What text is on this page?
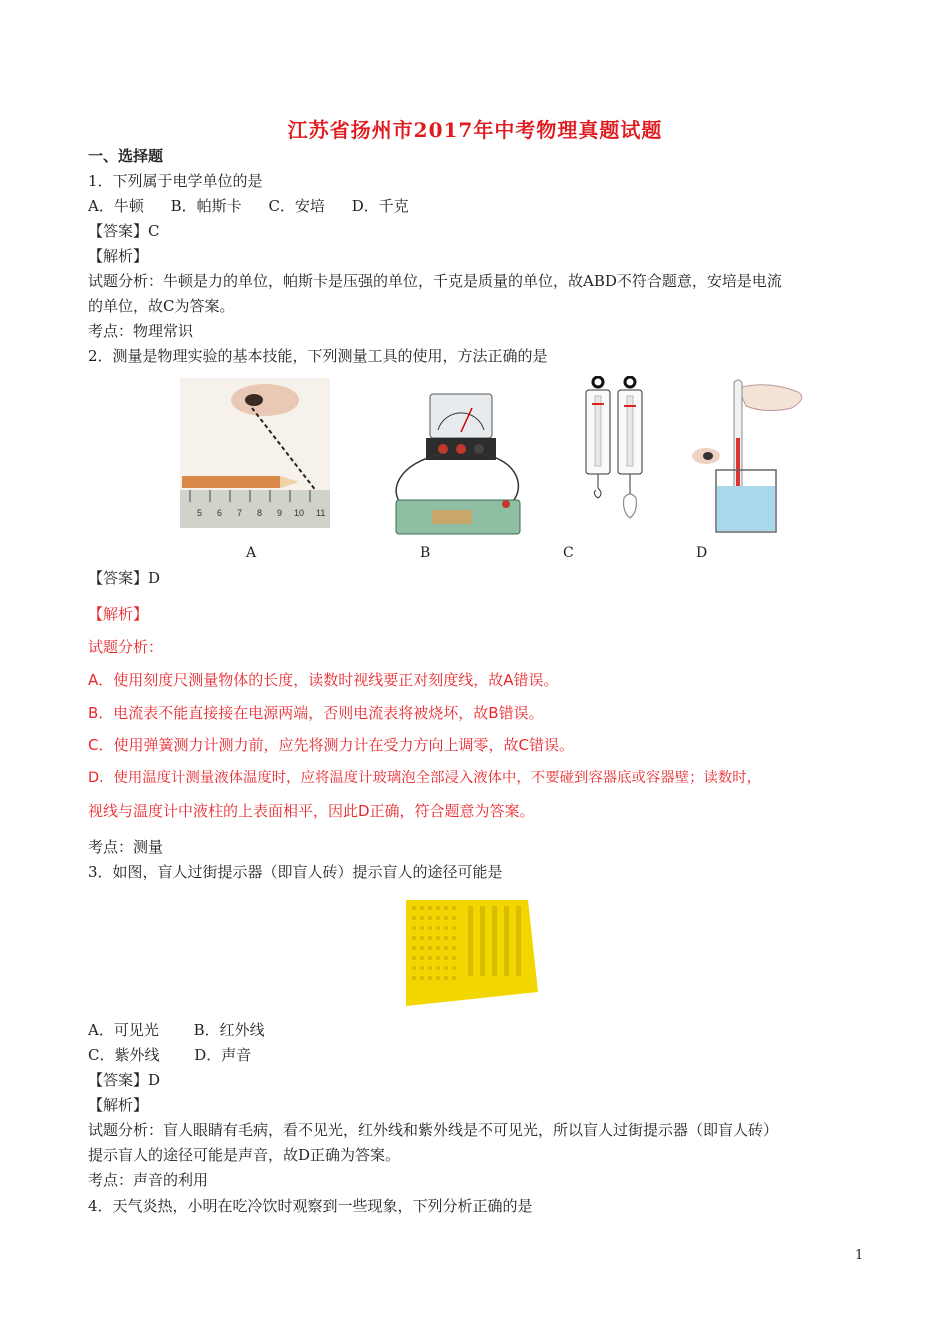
江苏省扬州市2017年中考物理真题试题
一、选择题
1．下列属于电学单位的是
A．牛顿 B．帕斯卡 C．安培 D．千克
【答案】C
【解析】
试题分析：牛顿是力的单位，帕斯卡是压强的单位，千克是质量的单位，故ABD不符合题意，安培是电流
的单位，故C为答案。
考点：物理常识
2．测量是物理实验的基本技能，下列测量工具的使用，方法正确的是
5 6 7 8 9 10 11
A	B	C	D
【答案】D
【解析】
试题分析：
A．使用刻度尺测量物体的长度，读数时视线要正对刻度线，故A错误。
B．电流表不能直接接在电源两端，否则电流表将被烧坏，故B错误。
C．使用弹簧测力计测力前，应先将测力计在受力方向上调零，故C错误。
D．使用温度计测量液体温度时，应将温度计玻璃泡全部浸入液体中，不要碰到容器底或容器壁；读数时，
视线与温度计中液柱的上表面相平，因此D正确，符合题意为答案。
考点：测量
3．如图，盲人过街提示器（即盲人砖）提示盲人的途径可能是
A．可见光 B．红外线
C．紫外线 D．声音
【答案】D
【解析】
试题分析：盲人眼睛有毛病，看不见光，红外线和紫外线是不可见光，所以盲人过街提示器（即盲人砖）
提示盲人的途径可能是声音，故D正确为答案。
考点：声音的利用
4．天气炎热，小明在吃冷饮时观察到一些现象，下列分析正确的是
1
